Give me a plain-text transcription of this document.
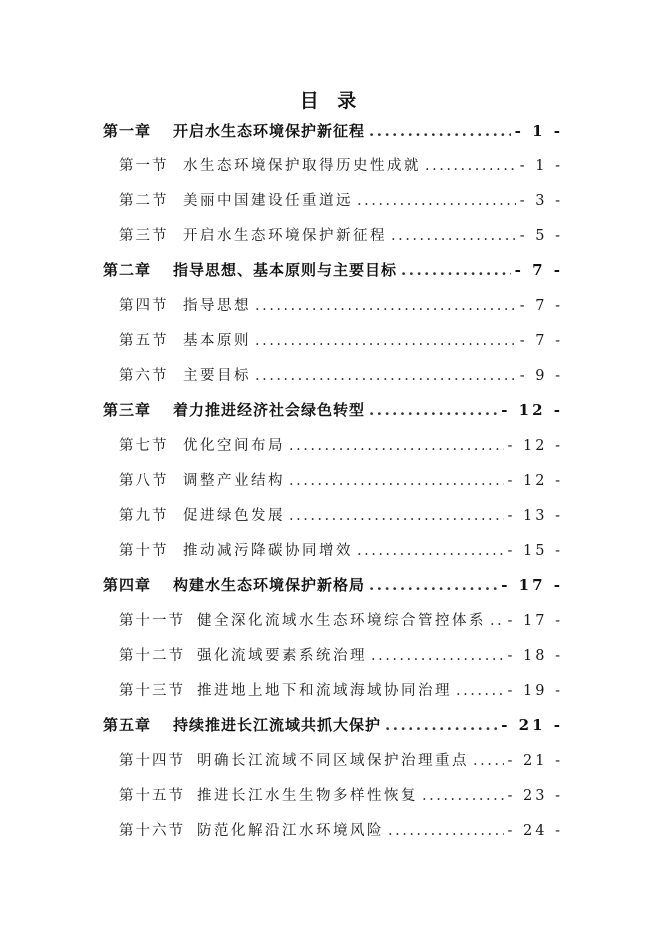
目 录
第一章	开启水生态环境保护新征程 .....	- 1 -
第一节	水生态环境保护取得历史性成就 .....	- 1 -
第二节	美丽中国建设任重道远 .....	- 3 -
第三节	开启水生态环境保护新征程 .....	- 5 -
第二章	指导思想、基本原则与主要目标 .....	- 7 -
第四节	指导思想 .....	- 7 -
第五节	基本原则 .....	- 7 -
第六节	主要目标 .....	- 9 -
第三章	着力推进经济社会绿色转型 .....	- 12 -
第七节	优化空间布局 .....	- 12 -
第八节	调整产业结构 .....	- 12 -
第九节	促进绿色发展 .....	- 13 -
第十节	推动减污降碳协同增效 .....	- 15 -
第四章	构建水生态环境保护新格局 .....	- 17 -
第十一节 健全深化流域水生态环境综合管控体系 ..... - 17 -
第十二节 强化流域要素系统治理 .....	- 18 -
第十三节 推进地上地下和流域海域协同治理 .....	- 19 -
第五章	持续推进长江流域共抓大保护 .....	- 21 -
第十四节 明确长江流域不同区域保护治理重点 .....	- 21 -
第十五节 推进长江水生生物多样性恢复 .....	- 23 -
第十六节 防范化解沿江水环境风险 .....	- 24 -
